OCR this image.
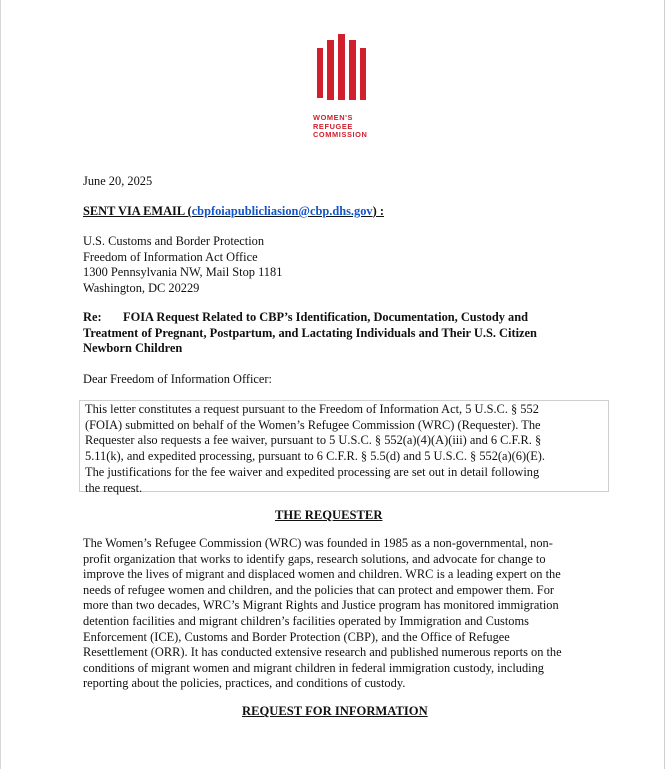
WOMEN'S
REFUGEE
COMMISSION
June 20, 2025
SENT VIA EMAIL (cbpfoiapublicliasion@cbp.dhs.gov) :
U.S. Customs and Border Protection
Freedom of Information Act Office
1300 Pennsylvania NW, Mail Stop 1181
Washington, DC 20229
Re: FOIA Request Related to CBP’s Identification, Documentation, Custody and
Treatment of Pregnant, Postpartum, and Lactating Individuals and Their U.S. Citizen
Newborn Children
Dear Freedom of Information Officer:
This letter constitutes a request pursuant to the Freedom of Information Act, 5 U.S.C. § 552
(FOIA) submitted on behalf of the Women’s Refugee Commission (WRC) (Requester). The
Requester also requests a fee waiver, pursuant to 5 U.S.C. § 552(a)(4)(A)(iii) and 6 C.F.R. §
5.11(k), and expedited processing, pursuant to 6 C.F.R. § 5.5(d) and 5 U.S.C. § 552(a)(6)(E).
The justifications for the fee waiver and expedited processing are set out in detail following
the request.
THE REQUESTER
The Women’s Refugee Commission (WRC) was founded in 1985 as a non-governmental, non-
profit organization that works to identify gaps, research solutions, and advocate for change to
improve the lives of migrant and displaced women and children. WRC is a leading expert on the
needs of refugee women and children, and the policies that can protect and empower them. For
more than two decades, WRC’s Migrant Rights and Justice program has monitored immigration
detention facilities and migrant children’s facilities operated by Immigration and Customs
Enforcement (ICE), Customs and Border Protection (CBP), and the Office of Refugee
Resettlement (ORR). It has conducted extensive research and published numerous reports on the
conditions of migrant women and migrant children in federal immigration custody, including
reporting about the policies, practices, and conditions of custody.
REQUEST FOR INFORMATION
